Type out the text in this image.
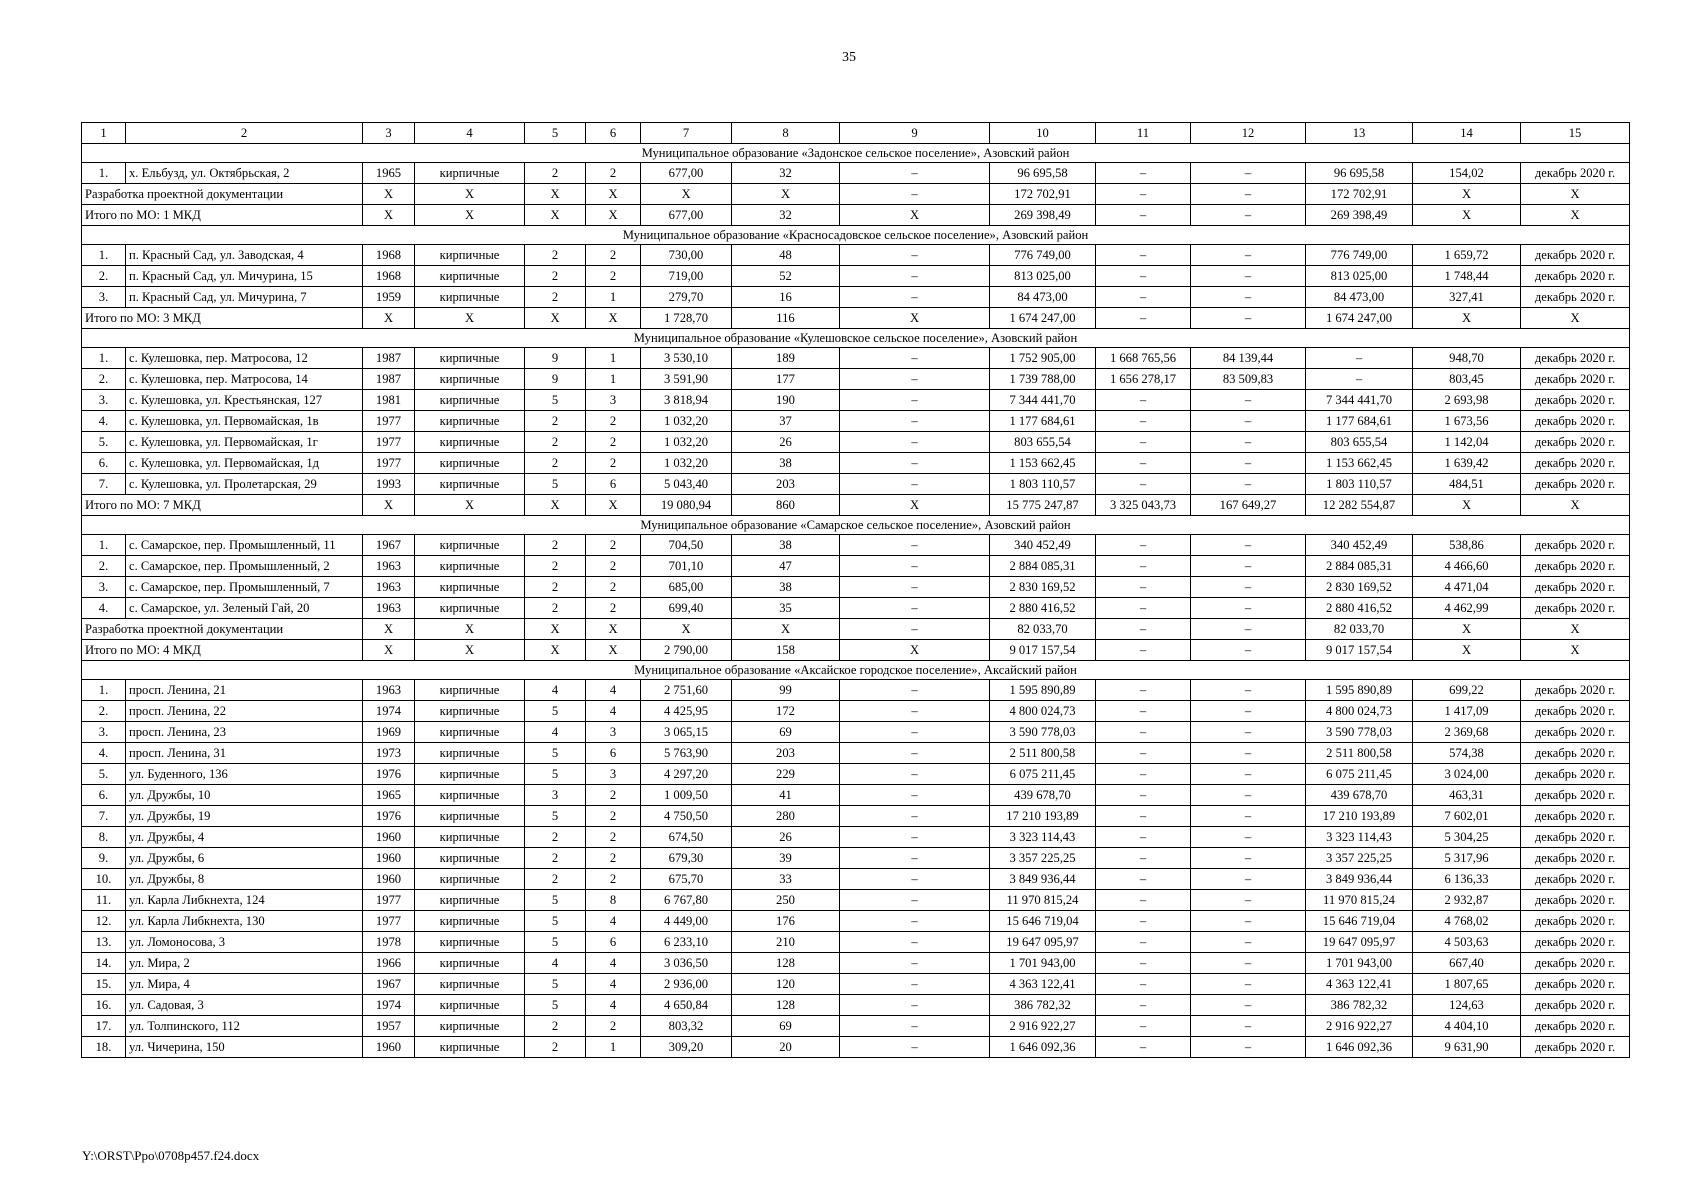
35
1	2	3	4	5	6	7	8	9	10	11	12	13	14	15
Муниципальное образование «Задонское сельское поселение», Азовский район														
1.	х. Ельбузд, ул. Октябрьская, 2	1965	кирпичные	2	2	677,00	32	–	96 695,58	–	–	96 695,58	154,02	декабрь 2020 г.
Разработка проектной документации		X	X	X	X	X	X	–	172 702,91	–	–	172 702,91	X	X
Итого по МО: 1 МКД		X	X	X	X	677,00	32	X	269 398,49	–	–	269 398,49	X	X
Муниципальное образование «Красносадовское сельское поселение», Азовский район														
1.	п. Красный Сад, ул. Заводская, 4	1968	кирпичные	2	2	730,00	48	–	776 749,00	–	–	776 749,00	1 659,72	декабрь 2020 г.
2.	п. Красный Сад, ул. Мичурина, 15	1968	кирпичные	2	2	719,00	52	–	813 025,00	–	–	813 025,00	1 748,44	декабрь 2020 г.
3.	п. Красный Сад, ул. Мичурина, 7	1959	кирпичные	2	1	279,70	16	–	84 473,00	–	–	84 473,00	327,41	декабрь 2020 г.
Итого по МО: 3 МКД		X	X	X	X	1 728,70	116	X	1 674 247,00	–	–	1 674 247,00	X	X
Муниципальное образование «Кулешовское сельское поселение», Азовский район														
1.	с. Кулешовка, пер. Матросова, 12	1987	кирпичные	9	1	3 530,10	189	–	1 752 905,00	1 668 765,56	84 139,44	–	948,70	декабрь 2020 г.
2.	с. Кулешовка, пер. Матросова, 14	1987	кирпичные	9	1	3 591,90	177	–	1 739 788,00	1 656 278,17	83 509,83	–	803,45	декабрь 2020 г.
3.	с. Кулешовка, ул. Крестьянская, 127	1981	кирпичные	5	3	3 818,94	190	–	7 344 441,70	–	–	7 344 441,70	2 693,98	декабрь 2020 г.
4.	с. Кулешовка, ул. Первомайская, 1в	1977	кирпичные	2	2	1 032,20	37	–	1 177 684,61	–	–	1 177 684,61	1 673,56	декабрь 2020 г.
5.	с. Кулешовка, ул. Первомайская, 1г	1977	кирпичные	2	2	1 032,20	26	–	803 655,54	–	–	803 655,54	1 142,04	декабрь 2020 г.
6.	с. Кулешовка, ул. Первомайская, 1д	1977	кирпичные	2	2	1 032,20	38	–	1 153 662,45	–	–	1 153 662,45	1 639,42	декабрь 2020 г.
7.	с. Кулешовка, ул. Пролетарская, 29	1993	кирпичные	5	6	5 043,40	203	–	1 803 110,57	–	–	1 803 110,57	484,51	декабрь 2020 г.
Итого по МО: 7 МКД		X	X	X	X	19 080,94	860	X	15 775 247,87	3 325 043,73	167 649,27	12 282 554,87	X	X
Муниципальное образование «Самарское сельское поселение», Азовский район														
1.	с. Самарское, пер. Промышленный, 11	1967	кирпичные	2	2	704,50	38	–	340 452,49	–	–	340 452,49	538,86	декабрь 2020 г.
2.	с. Самарское, пер. Промышленный, 2	1963	кирпичные	2	2	701,10	47	–	2 884 085,31	–	–	2 884 085,31	4 466,60	декабрь 2020 г.
3.	с. Самарское, пер. Промышленный, 7	1963	кирпичные	2	2	685,00	38	–	2 830 169,52	–	–	2 830 169,52	4 471,04	декабрь 2020 г.
4.	с. Самарское, ул. Зеленый Гай, 20	1963	кирпичные	2	2	699,40	35	–	2 880 416,52	–	–	2 880 416,52	4 462,99	декабрь 2020 г.
Разработка проектной документации		X	X	X	X	X	X	–	82 033,70	–	–	82 033,70	X	X
Итого по МО: 4 МКД		X	X	X	X	2 790,00	158	X	9 017 157,54	–	–	9 017 157,54	X	X
Муниципальное образование «Аксайское городское поселение», Аксайский район														
1.	просп. Ленина, 21	1963	кирпичные	4	4	2 751,60	99	–	1 595 890,89	–	–	1 595 890,89	699,22	декабрь 2020 г.
2.	просп. Ленина, 22	1974	кирпичные	5	4	4 425,95	172	–	4 800 024,73	–	–	4 800 024,73	1 417,09	декабрь 2020 г.
3.	просп. Ленина, 23	1969	кирпичные	4	3	3 065,15	69	–	3 590 778,03	–	–	3 590 778,03	2 369,68	декабрь 2020 г.
4.	просп. Ленина, 31	1973	кирпичные	5	6	5 763,90	203	–	2 511 800,58	–	–	2 511 800,58	574,38	декабрь 2020 г.
5.	ул. Буденного, 136	1976	кирпичные	5	3	4 297,20	229	–	6 075 211,45	–	–	6 075 211,45	3 024,00	декабрь 2020 г.
6.	ул. Дружбы, 10	1965	кирпичные	3	2	1 009,50	41	–	439 678,70	–	–	439 678,70	463,31	декабрь 2020 г.
7.	ул. Дружбы, 19	1976	кирпичные	5	2	4 750,50	280	–	17 210 193,89	–	–	17 210 193,89	7 602,01	декабрь 2020 г.
8.	ул. Дружбы, 4	1960	кирпичные	2	2	674,50	26	–	3 323 114,43	–	–	3 323 114,43	5 304,25	декабрь 2020 г.
9.	ул. Дружбы, 6	1960	кирпичные	2	2	679,30	39	–	3 357 225,25	–	–	3 357 225,25	5 317,96	декабрь 2020 г.
10.	ул. Дружбы, 8	1960	кирпичные	2	2	675,70	33	–	3 849 936,44	–	–	3 849 936,44	6 136,33	декабрь 2020 г.
11.	ул. Карла Либкнехта, 124	1977	кирпичные	5	8	6 767,80	250	–	11 970 815,24	–	–	11 970 815,24	2 932,87	декабрь 2020 г.
12.	ул. Карла Либкнехта, 130	1977	кирпичные	5	4	4 449,00	176	–	15 646 719,04	–	–	15 646 719,04	4 768,02	декабрь 2020 г.
13.	ул. Ломоносова, 3	1978	кирпичные	5	6	6 233,10	210	–	19 647 095,97	–	–	19 647 095,97	4 503,63	декабрь 2020 г.
14.	ул. Мира, 2	1966	кирпичные	4	4	3 036,50	128	–	1 701 943,00	–	–	1 701 943,00	667,40	декабрь 2020 г.
15.	ул. Мира, 4	1967	кирпичные	5	4	2 936,00	120	–	4 363 122,41	–	–	4 363 122,41	1 807,65	декабрь 2020 г.
16.	ул. Садовая, 3	1974	кирпичные	5	4	4 650,84	128	–	386 782,32	–	–	386 782,32	124,63	декабрь 2020 г.
17.	ул. Толпинского, 112	1957	кирпичные	2	2	803,32	69	–	2 916 922,27	–	–	2 916 922,27	4 404,10	декабрь 2020 г.
18.	ул. Чичерина, 150	1960	кирпичные	2	1	309,20	20	–	1 646 092,36	–	–	1 646 092,36	9 631,90	декабрь 2020 г.
Y:\ORST\Ppo\0708p457.f24.docx
